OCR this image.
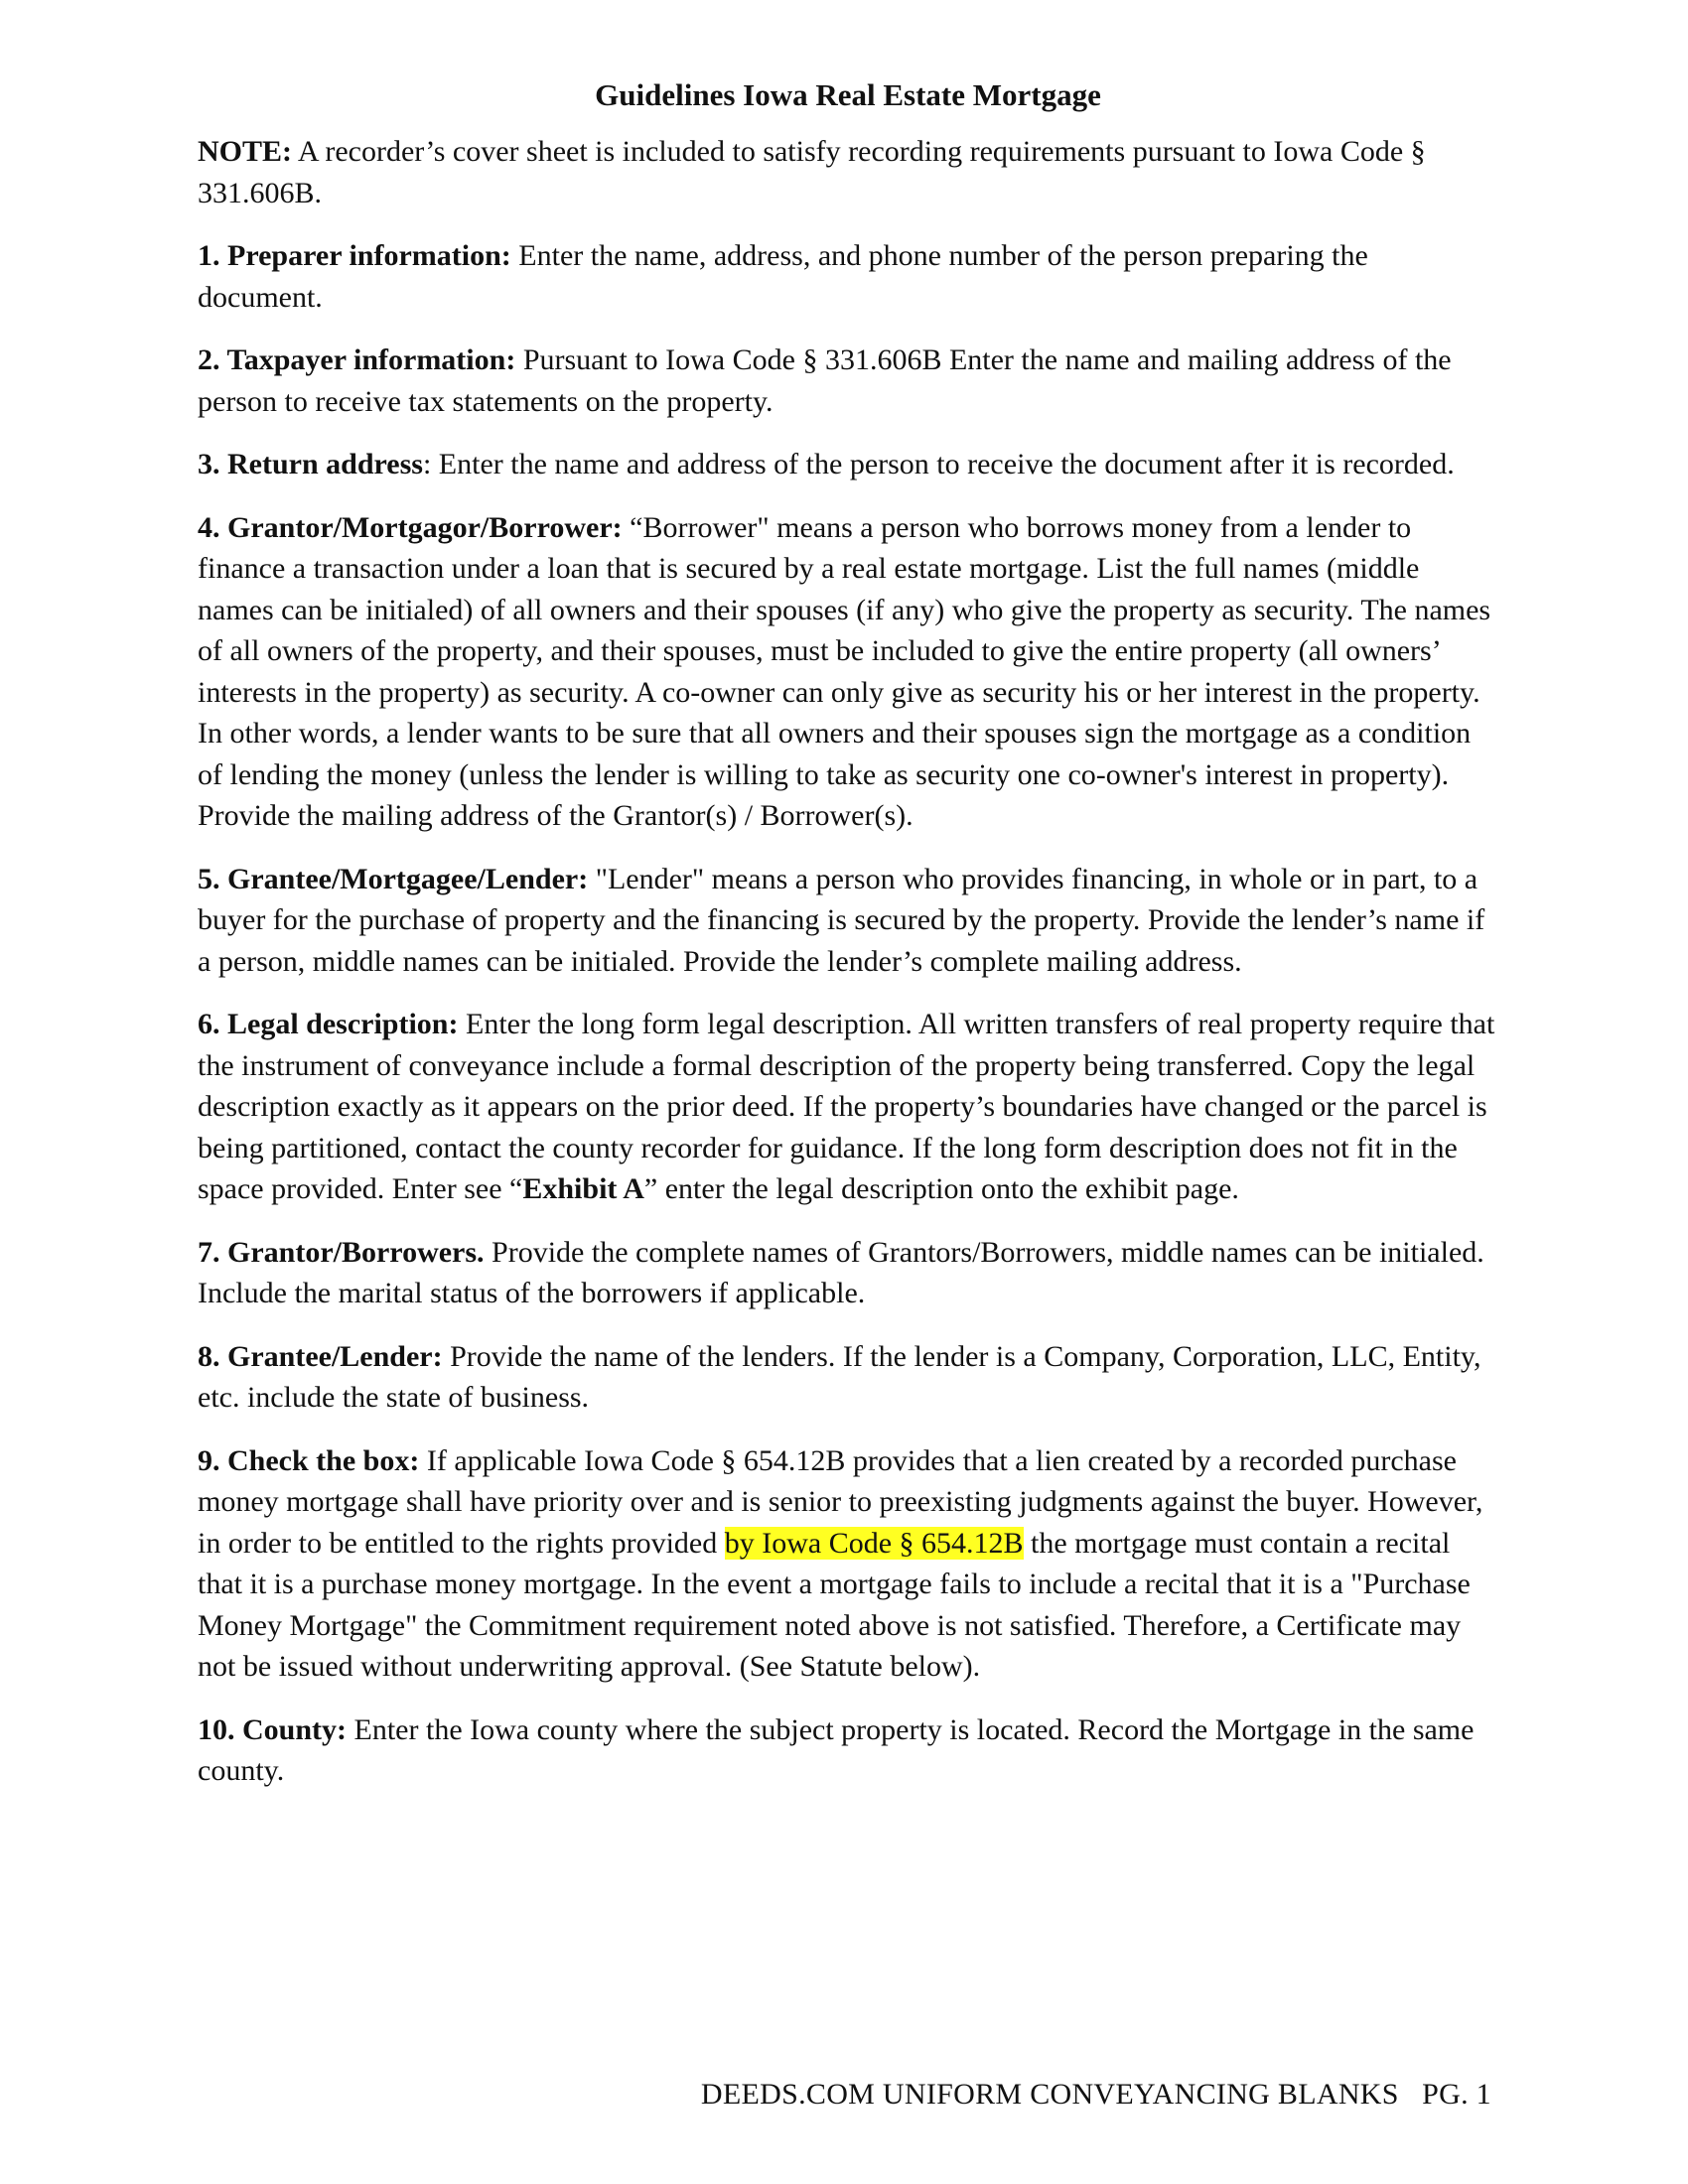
Guidelines Iowa Real Estate Mortgage
NOTE: A recorder’s cover sheet is included to satisfy recording requirements pursuant to Iowa Code § 331.606B.
1. Preparer information: Enter the name, address, and phone number of the person preparing the document.
2. Taxpayer information: Pursuant to Iowa Code § 331.606B Enter the name and mailing address of the person to receive tax statements on the property.
3. Return address: Enter the name and address of the person to receive the document after it is recorded.
4. Grantor/Mortgagor/Borrower: “Borrower" means a person who borrows money from a lender to finance a transaction under a loan that is secured by a real estate mortgage. List the full names (middle names can be initialed) of all owners and their spouses (if any) who give the property as security. The names of all owners of the property, and their spouses, must be included to give the entire property (all owners’ interests in the property) as security. A co-owner can only give as security his or her interest in the property. In other words, a lender wants to be sure that all owners and their spouses sign the mortgage as a condition of lending the money (unless the lender is willing to take as security one co-owner's interest in property).
Provide the mailing address of the Grantor(s) / Borrower(s).
5. Grantee/Mortgagee/Lender: "Lender" means a person who provides financing, in whole or in part, to a buyer for the purchase of property and the financing is secured by the property. Provide the lender’s name if a person, middle names can be initialed. Provide the lender’s complete mailing address.
6. Legal description: Enter the long form legal description. All written transfers of real property require that the instrument of conveyance include a formal description of the property being transferred. Copy the legal description exactly as it appears on the prior deed. If the property’s boundaries have changed or the parcel is being partitioned, contact the county recorder for guidance. If the long form description does not fit in the space provided. Enter see “Exhibit A” enter the legal description onto the exhibit page.
7. Grantor/Borrowers. Provide the complete names of Grantors/Borrowers, middle names can be initialed. Include the marital status of the borrowers if applicable.
8. Grantee/Lender: Provide the name of the lenders. If the lender is a Company, Corporation, LLC, Entity, etc. include the state of business.
9. Check the box: If applicable Iowa Code § 654.12B provides that a lien created by a recorded purchase money mortgage shall have priority over and is senior to preexisting judgments against the buyer. However, in order to be entitled to the rights provided by Iowa Code § 654.12B the mortgage must contain a recital that it is a purchase money mortgage. In the event a mortgage fails to include a recital that it is a "Purchase Money Mortgage" the Commitment requirement noted above is not satisfied. Therefore, a Certificate may not be issued without underwriting approval. (See Statute below).
10. County: Enter the Iowa county where the subject property is located. Record the Mortgage in the same county.
DEEDS.COM UNIFORM CONVEYANCING BLANKS   PG. 1
